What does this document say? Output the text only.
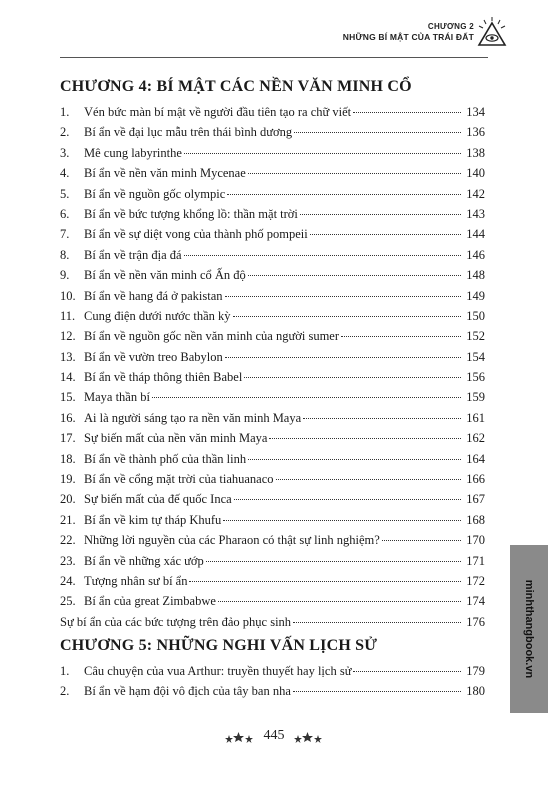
CHƯƠNG 2
NHỮNG BÍ MẬT CỦA TRÁI ĐẤT
CHƯƠNG 4: BÍ MẬT CÁC NỀN VĂN MINH CỔ
1.	Vén bức màn bí mật về người đầu tiên tạo ra chữ viết	134
2.	Bí ẩn về đại lục mẫu trên thái bình dương	136
3.	Mê cung labyrinthe	138
4.	Bí ẩn về nền văn minh Mycenae	140
5.	Bí ẩn về nguồn gốc olympic	142
6.	Bí ẩn về bức tượng khổng lồ: thần mặt trời	143
7.	Bí ẩn về sự diệt vong của thành phố pompeii	144
8.	Bí ẩn về trận địa đá	146
9.	Bí ẩn về nền văn minh cổ Ấn độ	148
10. Bí ẩn về hang đá ở pakistan	149
11. Cung điện dưới nước thần kỳ	150
12. Bí ẩn về nguồn gốc nền văn minh của người sumer	152
13. Bí ẩn về vườn treo Babylon	154
14. Bí ẩn về tháp thông thiên Babel	156
15. Maya thần bí	159
16. Ai là người sáng tạo ra nền văn minh Maya	161
17. Sự biến mất của nền văn minh Maya	162
18. Bí ẩn về thành phố của thần linh	164
19. Bí ẩn về cổng mặt trời của tiahuanaco	166
20. Sự biến mất của đế quốc Inca	167
21. Bí ẩn về kim tự tháp Khufu	168
22. Những lời nguyền của các Pharaon có thật sự linh nghiệm?	170
23. Bí ẩn về những xác ướp	171
24. Tượng nhân sư bí ẩn	172
25. Bí ẩn của great Zimbabwe	174
Sự bí ẩn của các bức tượng trên đảo phục sinh	176
CHƯƠNG 5: NHỮNG NGHI VẤN LỊCH SỬ
1.	Câu chuyện của vua Arthur: truyền thuyết hay lịch sử	179
2.	Bí ẩn về hạm đội vô địch của tây ban nha	180
minhthangbook.vn
445
